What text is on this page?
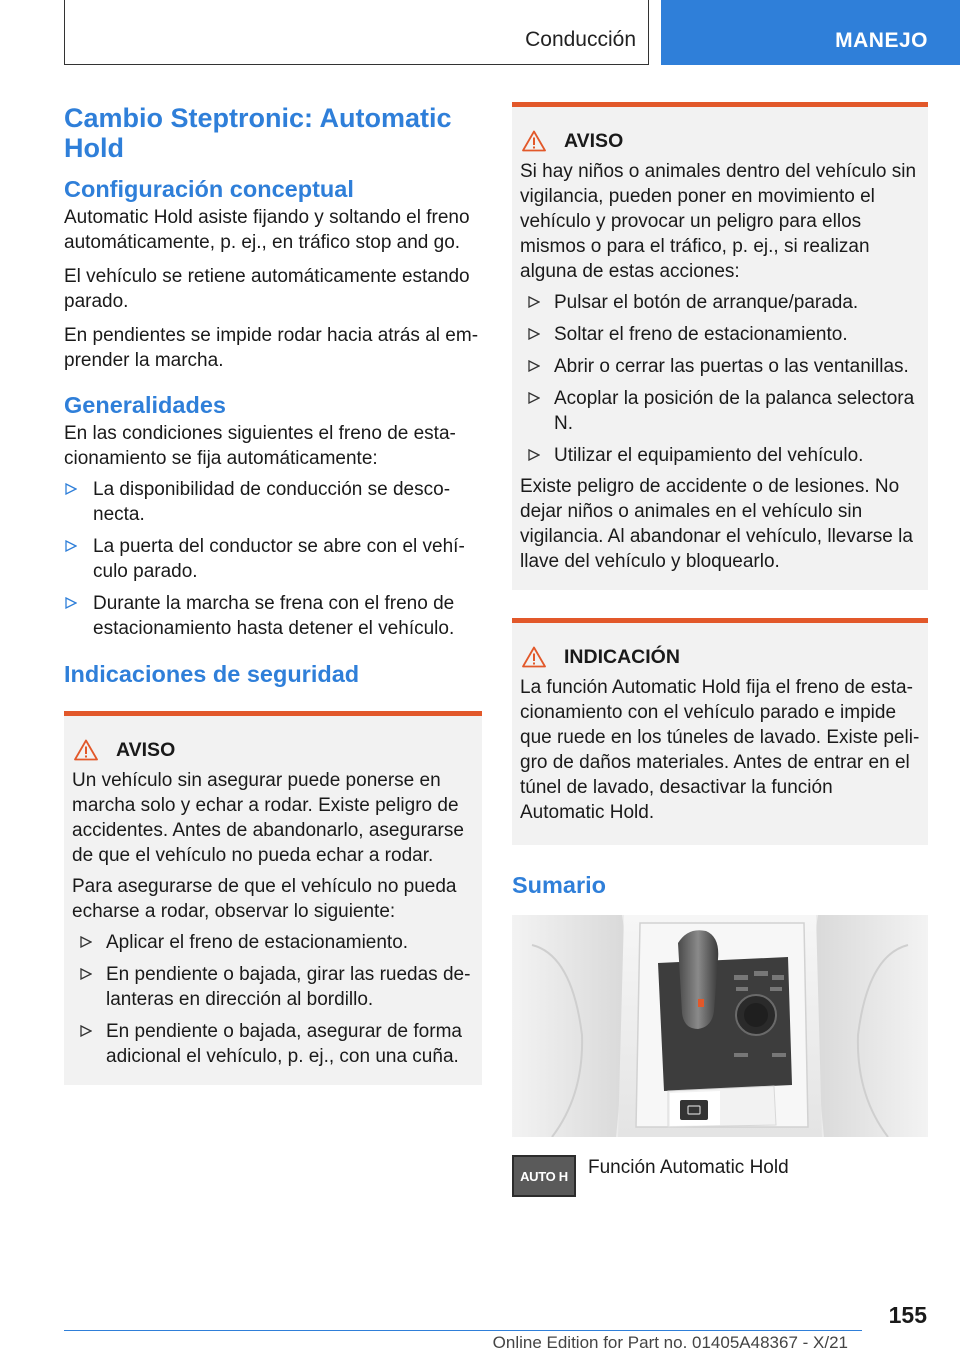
Conducción	MANEJO
Cambio Steptronic: Automatic Hold
Configuración conceptual

Automatic Hold asiste fijando y soltando el freno automáticamente, p. ej., en tráfico stop and go.

El vehículo se retiene automáticamente estando parado.

En pendientes se impide rodar hacia atrás al emprender la marcha.

Generalidades

En las condiciones siguientes el freno de estacionamiento se fija automáticamente:

La disponibilidad de conducción se desconecta.
La puerta del conductor se abre con el vehículo parado.
Durante la marcha se frena con el freno de estacionamiento hasta detener el vehículo.
Indicaciones de seguridad
AVISO

Un vehículo sin asegurar puede ponerse en marcha solo y echar a rodar. Existe peligro de accidentes. Antes de abandonarlo, asegurarse de que el vehículo no pueda echar a rodar.

Para asegurarse de que el vehículo no pueda echarse a rodar, observar lo siguiente:

Aplicar el freno de estacionamiento.
En pendiente o bajada, girar las ruedas delanteras en dirección al bordillo.
En pendiente o bajada, asegurar de forma adicional el vehículo, p. ej., con una cuña.
AVISO

Si hay niños o animales dentro del vehículo sin vigilancia, pueden poner en movimiento el vehículo y provocar un peligro para ellos mismos o para el tráfico, p. ej., si realizan alguna de estas acciones:

Pulsar el botón de arranque/parada.
Soltar el freno de estacionamiento.
Abrir o cerrar las puertas o las ventanillas.
Acoplar la posición de la palanca selectora N.
Utilizar el equipamiento del vehículo.

Existe peligro de accidente o de lesiones. No dejar niños o animales en el vehículo sin vigilancia. Al abandonar el vehículo, llevarse la llave del vehículo y bloquearlo.

INDICACIÓN

La función Automatic Hold fija el freno de estacionamiento con el vehículo parado e impide que ruede en los túneles de lavado. Existe peligro de daños materiales. Antes de entrar en el túnel de lavado, desactivar la función Automatic Hold.

Sumario
AUTO H Función Automatic Hold
155
Online Edition for Part no. 01405A48367 - X/21
